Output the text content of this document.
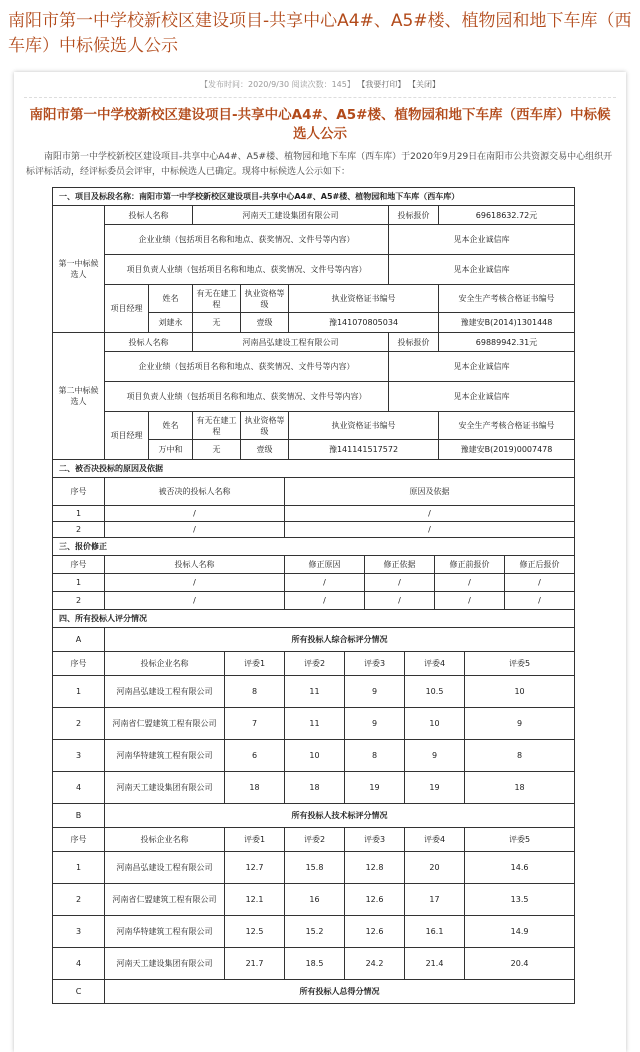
南阳市第一中学校新校区建设项目-共享中心A4#、A5#楼、植物园和地下车库（西车库）中标候选人公示
【发布时间：2020/9/30 阅读次数：145】 【我要打印】 【关闭】
南阳市第一中学校新校区建设项目-共享中心A4#、A5#楼、植物园和地下车库（西车库）中标候选人公示
南阳市第一中学校新校区建设项目-共享中心A4#、A5#楼、植物园和地下车库（西车库）于2020年9月29日在南阳市公共资源交易中心组织开标评标活动，经评标委员会评审，中标候选人已确定。现将中标候选人公示如下：
一、项目及标段名称：南阳市第一中学校新校区建设项目-共享中心A4#、A5#楼、植物园和地下车库（西车库）							
第一中标候选人	投标人名称		河南天工建设集团有限公司			投标报价	69618632.72元
	企业业绩（包括项目名称和地点、获奖情况、文件号等内容）					见本企业诚信库	
	项目负责人业绩（包括项目名称和地点、获奖情况、文件号等内容）					见本企业诚信库	
	项目经理	姓名	有无在建工程	执业资格等级	执业资格证书编号		安全生产考核合格证书编号
		刘建永	无	壹级	豫141070805034		豫建安B(2014)1301448
第二中标候选人	投标人名称		河南昌弘建设工程有限公司			投标报价	69889942.31元
	企业业绩（包括项目名称和地点、获奖情况、文件号等内容）					见本企业诚信库	
	项目负责人业绩（包括项目名称和地点、获奖情况、文件号等内容）					见本企业诚信库	
	项目经理	姓名	有无在建工程	执业资格等级	执业资格证书编号		安全生产考核合格证书编号
		万中和	无	壹级	豫141141517572		豫建安B(2019)0007478
二、被否决投标的原因及依据		
序号	被否决的投标人名称	原因及依据
1	/	/
2	/	/
三、报价修正					
序号	投标人名称	修正原因	修正依据	修正前报价	修正后报价
1	/	/	/	/	/
2	/	/	/	/	/
四、所有投标人评分情况						
A	所有投标人综合标评分情况					
序号	投标企业名称	评委1	评委2	评委3	评委4	评委5
1	河南昌弘建设工程有限公司	8	11	9	10.5	10
2	河南省仁盟建筑工程有限公司	7	11	9	10	9
3	河南华特建筑工程有限公司	6	10	8	9	8
4	河南天工建设集团有限公司	18	18	19	19	18
B	所有投标人技术标评分情况					
序号	投标企业名称	评委1	评委2	评委3	评委4	评委5
1	河南昌弘建设工程有限公司	12.7	15.8	12.8	20	14.6
2	河南省仁盟建筑工程有限公司	12.1	16	12.6	17	13.5
3	河南华特建筑工程有限公司	12.5	15.2	12.6	16.1	14.9
4	河南天工建设集团有限公司	21.7	18.5	24.2	21.4	20.4
C	所有投标人总得分情况					
